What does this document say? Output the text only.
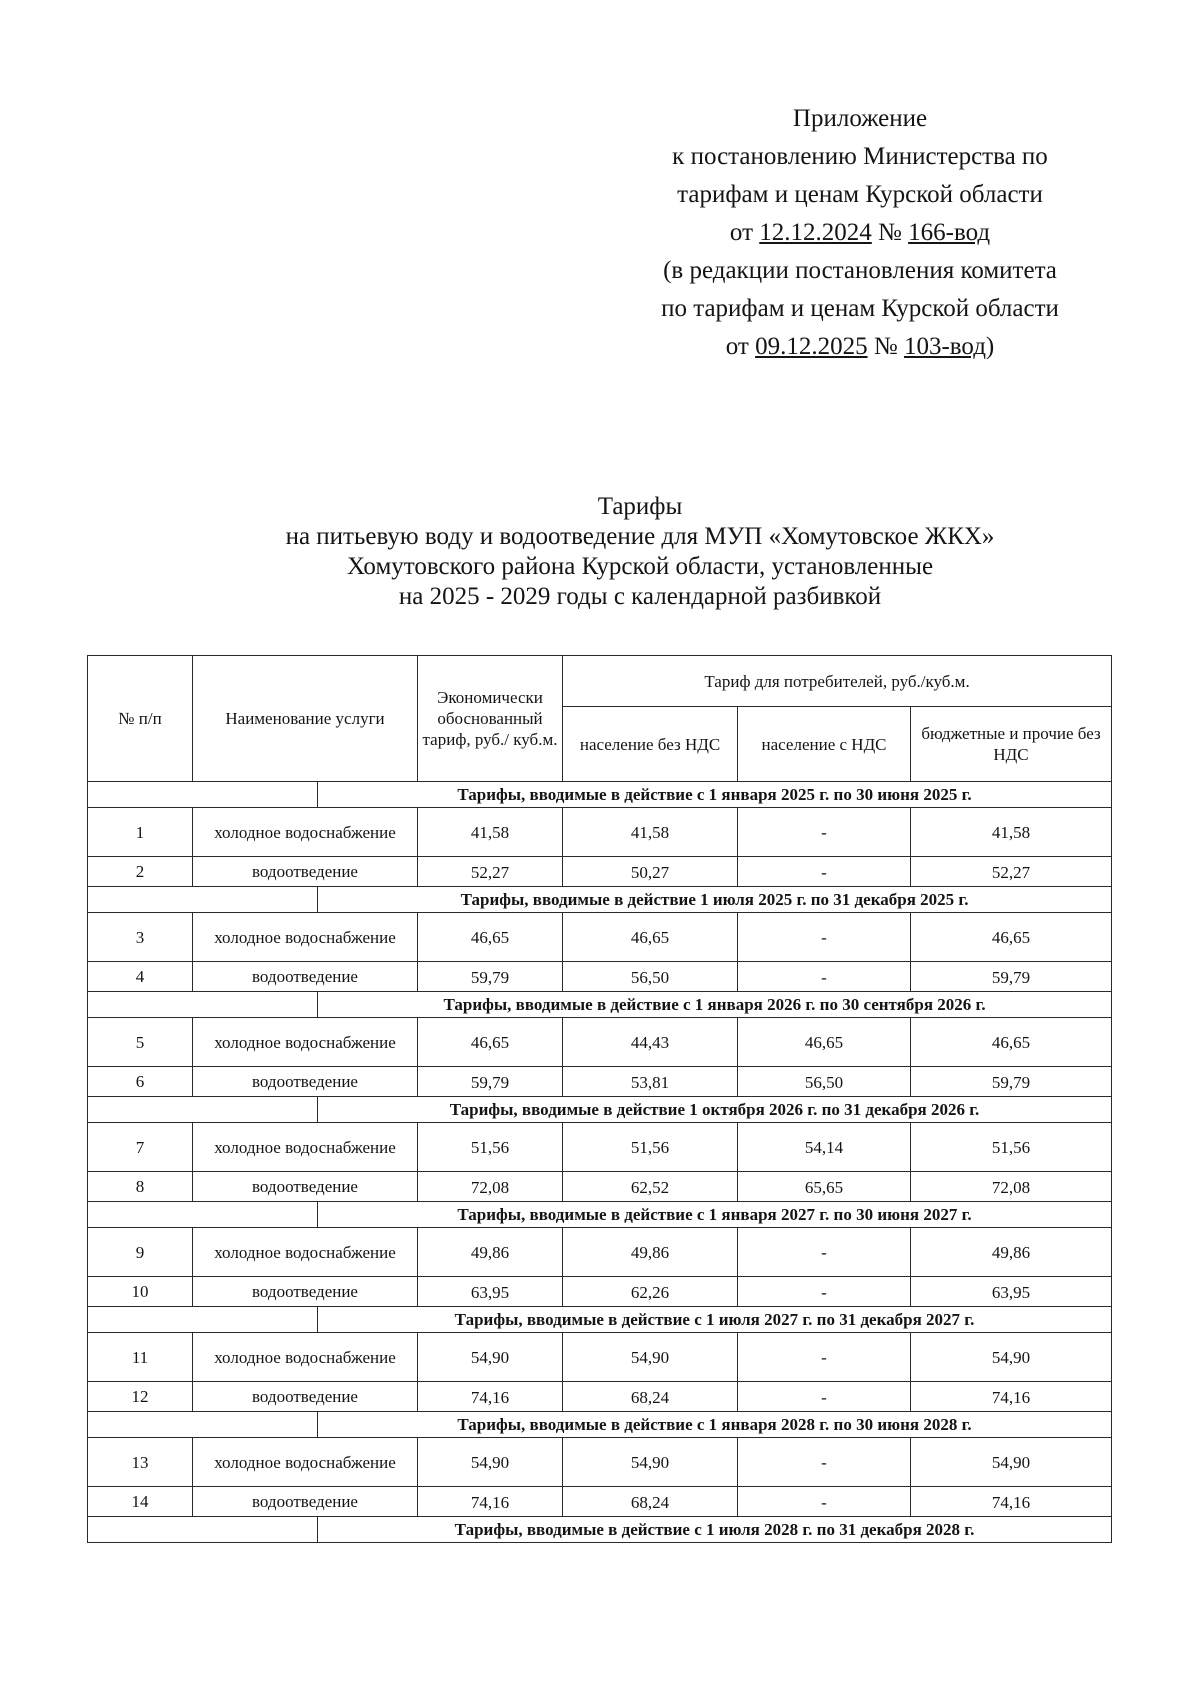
Приложение
к постановлению Министерства по
тарифам и ценам Курской области
от 12.12.2024 № 166-вод
(в редакции постановления комитета
по тарифам и ценам Курской области
от 09.12.2025 № 103-вод)
Тарифы
на питьевую воду и водоотведение для МУП «Хомутовское ЖКХ»
Хомутовского района Курской области, установленные
на 2025 - 2029 годы с календарной разбивкой
№ п/п	Наименование услуги		Экономически обоснованный тариф, руб./ куб.м.	Тариф для потребителей, руб./куб.м.		
				население без НДС	население с НДС	бюджетные и прочие без НДС
		Тарифы, вводимые в действие с 1 января 2025 г. по 30 июня 2025 г.				
1	холодное водоснабжение		41,58	41,58	-	41,58
2	водоотведение		52,27	50,27	-	52,27
		Тарифы, вводимые в действие 1 июля 2025 г. по 31 декабря 2025 г.				
3	холодное водоснабжение		46,65	46,65	-	46,65
4	водоотведение		59,79	56,50	-	59,79
		Тарифы, вводимые в действие с 1 января 2026 г. по 30 сентября 2026 г.				
5	холодное водоснабжение		46,65	44,43	46,65	46,65
6	водоотведение		59,79	53,81	56,50	59,79
		Тарифы, вводимые в действие 1 октября 2026 г. по 31 декабря 2026 г.				
7	холодное водоснабжение		51,56	51,56	54,14	51,56
8	водоотведение		72,08	62,52	65,65	72,08
		Тарифы, вводимые в действие с 1 января 2027 г. по 30 июня 2027 г.				
9	холодное водоснабжение		49,86	49,86	-	49,86
10	водоотведение		63,95	62,26	-	63,95
		Тарифы, вводимые в действие с 1 июля 2027 г. по 31 декабря 2027 г.				
11	холодное водоснабжение		54,90	54,90	-	54,90
12	водоотведение		74,16	68,24	-	74,16
		Тарифы, вводимые в действие с 1 января 2028 г. по 30 июня 2028 г.				
13	холодное водоснабжение		54,90	54,90	-	54,90
14	водоотведение		74,16	68,24	-	74,16
		Тарифы, вводимые в действие с 1 июля 2028 г. по 31 декабря 2028 г.				
